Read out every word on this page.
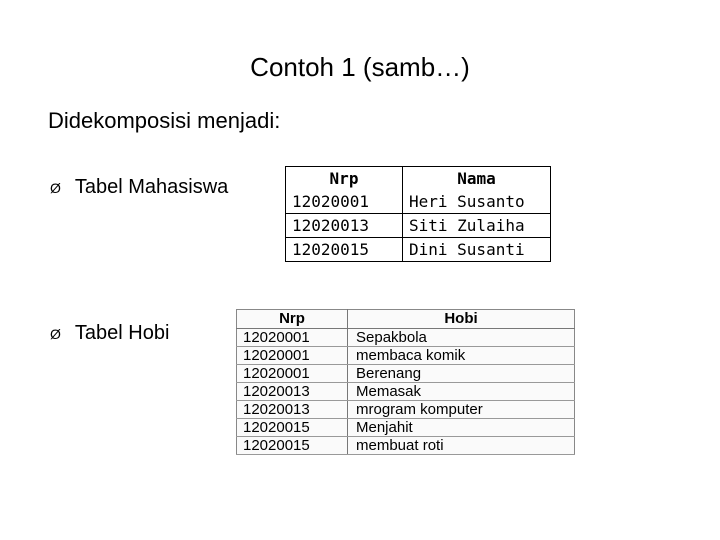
Contoh 1 (samb…)
Didekomposisi menjadi:
Ø Tabel Mahasiswa
Ø Tabel Hobi
Nrp	Nama
12020001	Heri Susanto
12020013	Siti Zulaiha
12020015	Dini Susanti
Nrp	Hobi
12020001	Sepakbola
12020001	membaca komik
12020001	Berenang
12020013	Memasak
12020013	mrogram komputer
12020015	Menjahit
12020015	membuat roti
